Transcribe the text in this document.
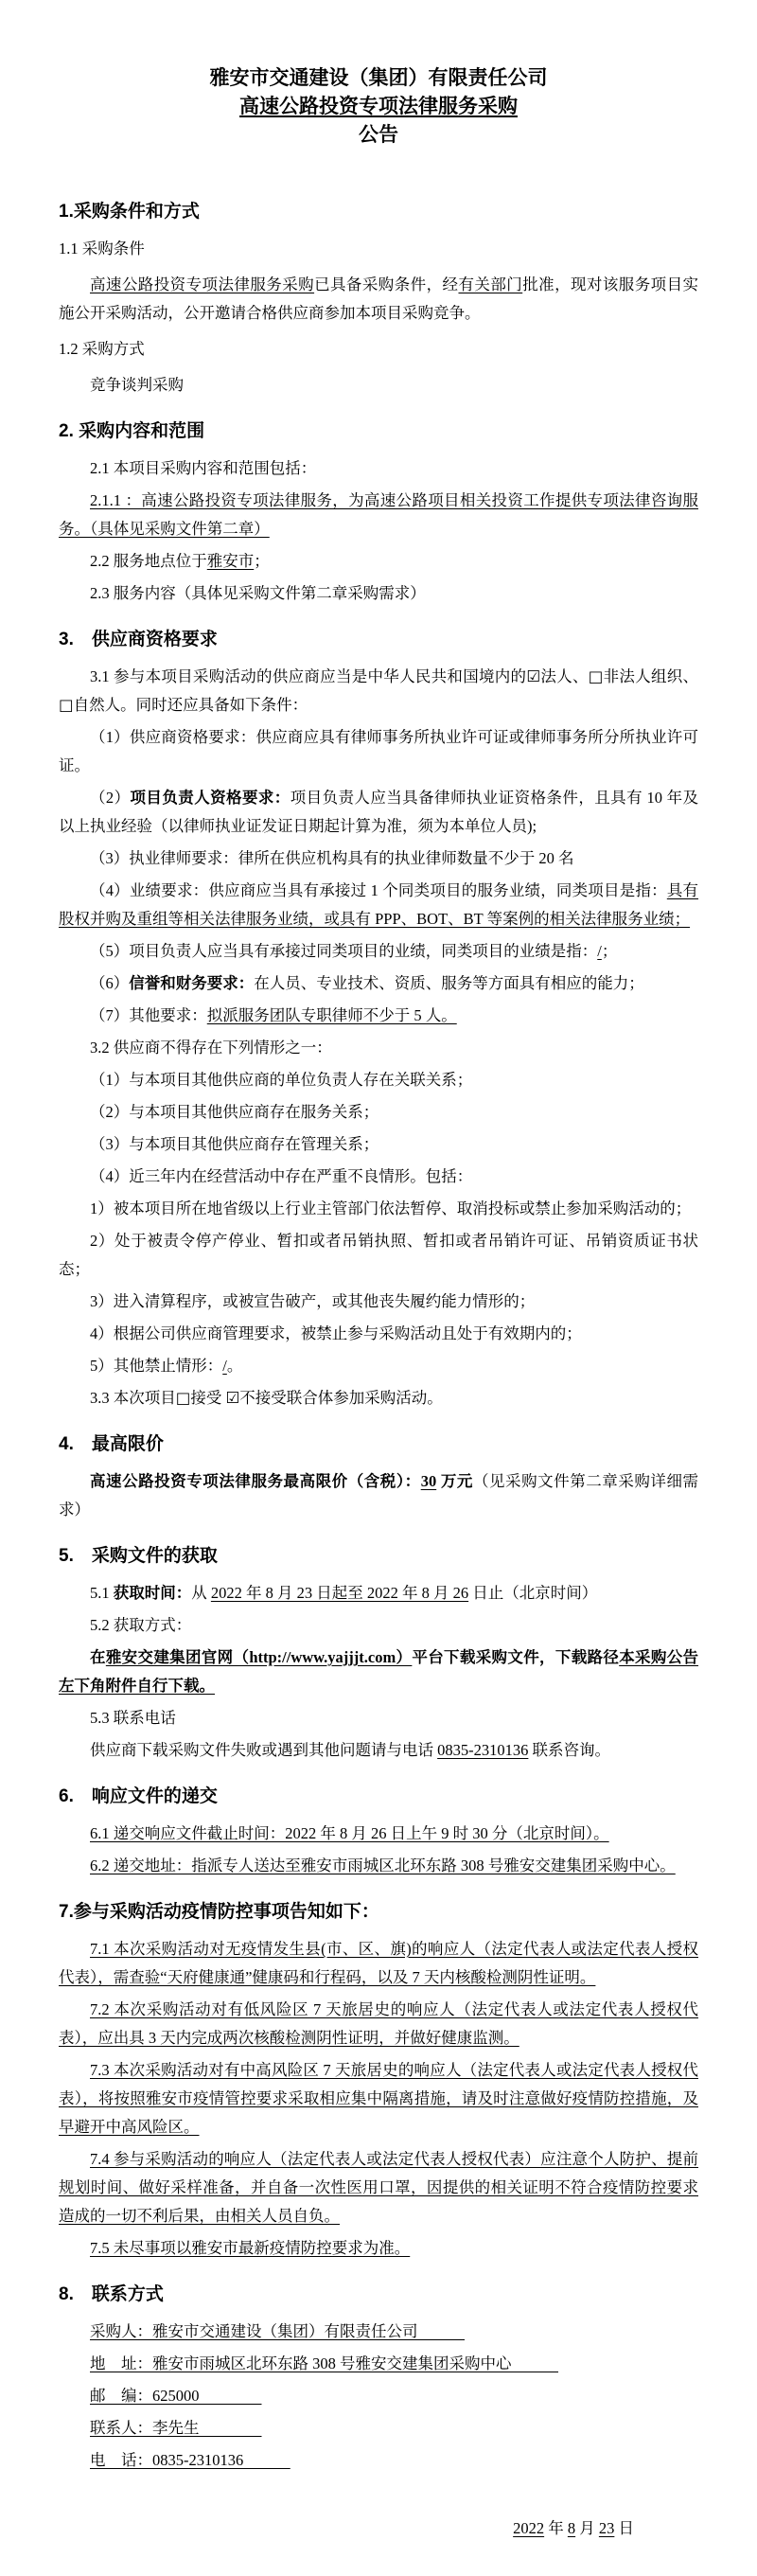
雅安市交通建设（集团）有限责任公司
高速公路投资专项法律服务采购
公告
1.采购条件和方式

1.1 采购条件

高速公路投资专项法律服务采购已具备采购条件，经有关部门批准，现对该服务项目实施公开采购活动，公开邀请合格供应商参加本项目采购竞争。

1.2 采购方式

竞争谈判采购

2. 采购内容和范围

2.1 本项目采购内容和范围包括：

2.1.1 ：高速公路投资专项法律服务，为高速公路项目相关投资工作提供专项法律咨询服务。（具体见采购文件第二章）

2.2 服务地点位于雅安市；

2.3 服务内容（具体见采购文件第二章采购需求）

3.　供应商资格要求

3.1 参与本项目采购活动的供应商应当是中华人民共和国境内的☑法人、□非法人组织、□自然人。同时还应具备如下条件：

（1）供应商资格要求：供应商应具有律师事务所执业许可证或律师事务所分所执业许可证。

（2）项目负责人资格要求：项目负责人应当具备律师执业证资格条件，且具有 10 年及以上执业经验（以律师执业证发证日期起计算为准，须为本单位人员);

（3）执业律师要求：律所在供应机构具有的执业律师数量不少于 20 名

（4）业绩要求：供应商应当具有承接过 1 个同类项目的服务业绩，同类项目是指：具有股权并购及重组等相关法律服务业绩，或具有 PPP、BOT、BT 等案例的相关法律服务业绩；

（5）项目负责人应当具有承接过同类项目的业绩，同类项目的业绩是指：/；

（6）信誉和财务要求：在人员、专业技术、资质、服务等方面具有相应的能力；

（7）其他要求：拟派服务团队专职律师不少于 5 人。

3.2 供应商不得存在下列情形之一：

（1）与本项目其他供应商的单位负责人存在关联关系；

（2）与本项目其他供应商存在服务关系；

（3）与本项目其他供应商存在管理关系；

（4）近三年内在经营活动中存在严重不良情形。包括：

1）被本项目所在地省级以上行业主管部门依法暂停、取消投标或禁止参加采购活动的；

2）处于被责令停产停业、暂扣或者吊销执照、暂扣或者吊销许可证、吊销资质证书状态；

3）进入清算程序，或被宣告破产，或其他丧失履约能力情形的；

4）根据公司供应商管理要求，被禁止参与采购活动且处于有效期内的；

5）其他禁止情形：/。

3.3 本次项目□接受 ☑不接受联合体参加采购活动。

4.　最高限价

高速公路投资专项法律服务最高限价（含税）：30 万元（见采购文件第二章采购详细需求）

5.　采购文件的获取

5.1 获取时间：从 2022 年 8 月 23 日起至 2022 年 8 月 26 日止（北京时间）

5.2 获取方式：

在雅安交建集团官网（http://www.yajjjt.com）平台下载采购文件，下载路径本采购公告左下角附件自行下载。

5.3 联系电话

供应商下载采购文件失败或遇到其他问题请与电话 0835-2310136 联系咨询。

6.　响应文件的递交

6.1 递交响应文件截止时间：2022 年 8 月 26 日上午 9 时 30 分（北京时间）。

6.2 递交地址：指派专人送达至雅安市雨城区北环东路 308 号雅安交建集团采购中心。

7.参与采购活动疫情防控事项告知如下：

7.1 本次采购活动对无疫情发生县(市、区、旗)的响应人（法定代表人或法定代表人授权代表），需查验“天府健康通”健康码和行程码，以及 7 天内核酸检测阴性证明。

7.2 本次采购活动对有低风险区 7 天旅居史的响应人（法定代表人或法定代表人授权代表），应出具 3 天内完成两次核酸检测阴性证明，并做好健康监测。

7.3 本次采购活动对有中高风险区 7 天旅居史的响应人（法定代表人或法定代表人授权代表），将按照雅安市疫情管控要求采取相应集中隔离措施，请及时注意做好疫情防控措施，及早避开中高风险区。

7.4 参与采购活动的响应人（法定代表人或法定代表人授权代表）应注意个人防护、提前规划时间、做好采样准备，并自备一次性医用口罩，因提供的相关证明不符合疫情防控要求造成的一切不利后果，由相关人员自负。

7.5 未尽事项以雅安市最新疫情防控要求为准。

8.　联系方式

采购人：雅安市交通建设（集团）有限责任公司　　　

地　址：雅安市雨城区北环东路 308 号雅安交建集团采购中心　　　

邮　编：625000　　　　

联系人：李先生　　　　

电　话：0835-2310136　　　

2022 年 8 月 23 日
